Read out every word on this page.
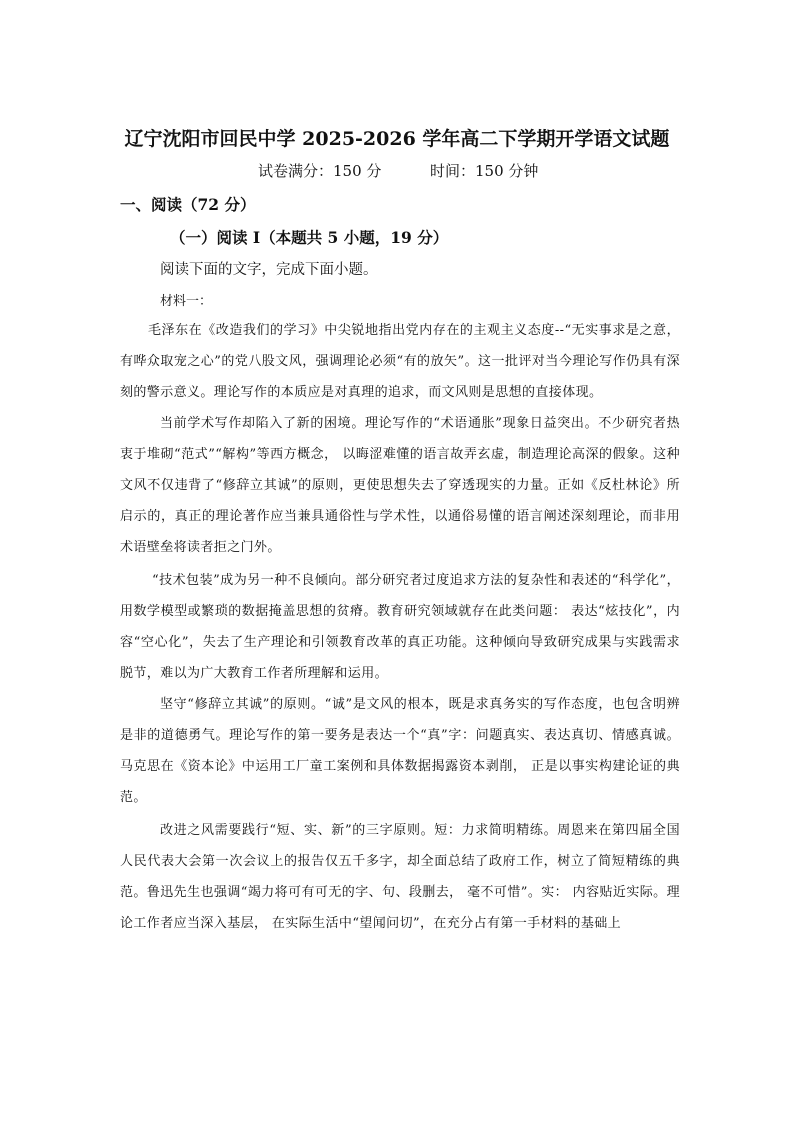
辽宁沈阳市回民中学 2025-2026 学年高二下学期开学语文试题
试卷满分：150 分	时间：150 分钟
一、阅读（72 分）
（一）阅读 I（本题共 5 小题，19 分）
阅读下面的文字，完成下面小题。
材料一：
毛泽东在《改造我们的学习》中尖锐地指出党内存在的主观主义态度--“无实事求是之意，有哗众取宠之心”的党八股文风，强调理论必须“有的放矢”。这一批评对当今理论写作仍具有深刻的警示意义。理论写作的本质应是对真理的追求，而文风则是思想的直接体现。
当前学术写作却陷入了新的困境。理论写作的“术语通胀”现象日益突出。不少研究者热衷于堆砌“范式”“解构”等西方概念， 以晦涩难懂的语言故弄玄虚，制造理论高深的假象。这种文风不仅违背了“修辞立其诚”的原则，更使思想失去了穿透现实的力量。正如《反杜林论》所启示的，真正的理论著作应当兼具通俗性与学术性，以通俗易懂的语言阐述深刻理论，而非用术语壁垒将读者拒之门外。
“技术包装”成为另一种不良倾向。部分研究者过度追求方法的复杂性和表述的“科学化”，用数学模型或繁琐的数据掩盖思想的贫瘠。教育研究领域就存在此类问题： 表达“炫技化”，内容“空心化”，失去了生产理论和引领教育改革的真正功能。这种倾向导致研究成果与实践需求脱节，难以为广大教育工作者所理解和运用。
坚守“修辞立其诚”的原则。“诚”是文风的根本，既是求真务实的写作态度，也包含明辨是非的道德勇气。理论写作的第一要务是表达一个“真”字：问题真实、表达真切、情感真诚。马克思在《资本论》中运用工厂童工案例和具体数据揭露资本剥削， 正是以事实构建论证的典范。
改进之风需要践行“短、实、新”的三字原则。短：力求简明精练。周恩来在第四届全国人民代表大会第一次会议上的报告仅五千多字，却全面总结了政府工作，树立了简短精练的典范。鲁迅先生也强调“竭力将可有可无的字、句、段删去， 毫不可惜”。实： 内容贴近实际。理论工作者应当深入基层， 在实际生活中“望闻问切”，在充分占有第一手材料的基础上
